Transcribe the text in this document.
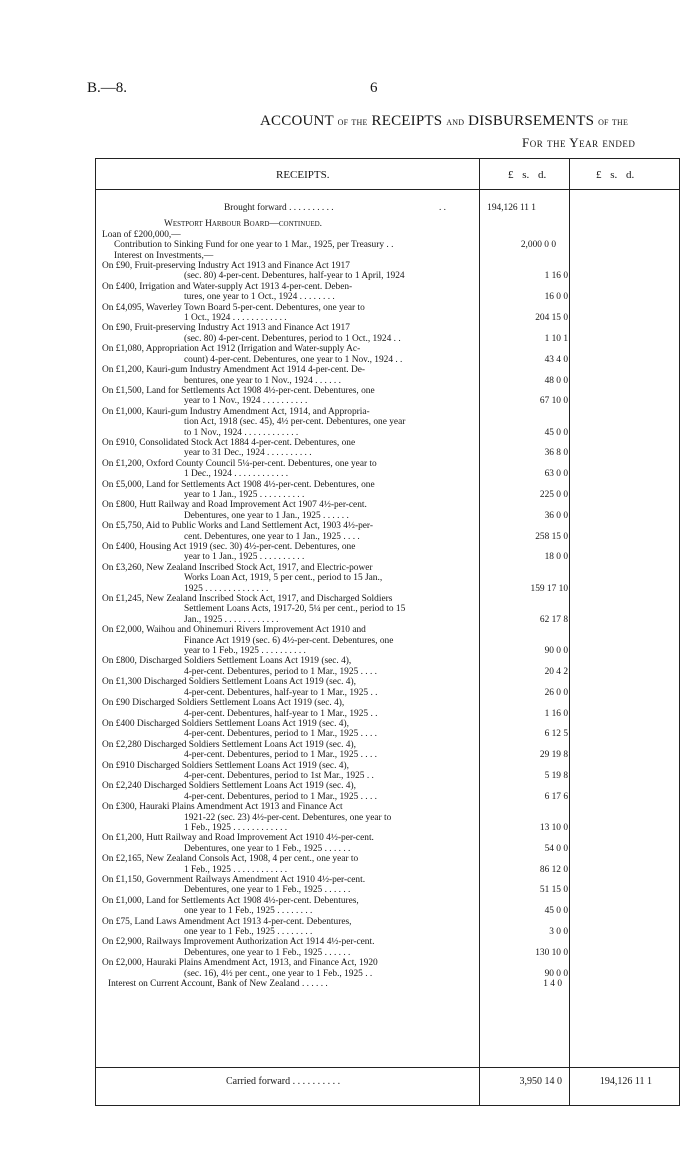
B.—8.	6
ACCOUNT of the RECEIPTS and DISBURSEMENTS of the
For the Year ended
RECEIPTS.	£ s. d.	£ s. d.
Brought forward . . . . . . . . . .	. .	194,126 11 1
Westport Harbour Board—continued.
Loan of £200,000,—
Contribution to Sinking Fund for one year to 1 Mar., 1925, per Treasury . .	2,000 0 0
Interest on Investments,—
On £90, Fruit-preserving Industry Act 1913 and Finance Act 1917
(sec. 80) 4-per-cent. Debentures, half-year to 1 April, 1924	1 16 0
On £400, Irrigation and Water-supply Act 1913 4-per-cent. Deben-
tures, one year to 1 Oct., 1924 . . . . . . . .	16 0 0
On £4,095, Waverley Town Board 5-per-cent. Debentures, one year to
1 Oct., 1924 . . . . . . . . . . . .	204 15 0
On £90, Fruit-preserving Industry Act 1913 and Finance Act 1917
(sec. 80) 4-per-cent. Debentures, period to 1 Oct., 1924 . .	1 10 1
On £1,080, Appropriation Act 1912 (Irrigation and Water-supply Ac-
count) 4-per-cent. Debentures, one year to 1 Nov., 1924 . .	43 4 0
On £1,200, Kauri-gum Industry Amendment Act 1914 4-per-cent. De-
bentures, one year to 1 Nov., 1924 . . . . . .	48 0 0
On £1,500, Land for Settlements Act 1908 4½-per-cent. Debentures, one
year to 1 Nov., 1924 . . . . . . . . . .	67 10 0
On £1,000, Kauri-gum Industry Amendment Act, 1914, and Appropria-
tion Act, 1918 (sec. 45), 4½ per-cent. Debentures, one year
to 1 Nov., 1924 . . . . . . . . . . . .	45 0 0
On £910, Consolidated Stock Act 1884 4-per-cent. Debentures, one
year to 31 Dec., 1924 . . . . . . . . . .	36 8 0
On £1,200, Oxford County Council 5¼-per-cent. Debentures, one year to
1 Dec., 1924 . . . . . . . . . . . .	63 0 0
On £5,000, Land for Settlements Act 1908 4½-per-cent. Debentures, one
year to 1 Jan., 1925 . . . . . . . . . .	225 0 0
On £800, Hutt Railway and Road Improvement Act 1907 4½-per-cent.
Debentures, one year to 1 Jan., 1925 . . . . . .	36 0 0
On £5,750, Aid to Public Works and Land Settlement Act, 1903 4½-per-
cent. Debentures, one year to 1 Jan., 1925 . . . .	258 15 0
On £400, Housing Act 1919 (sec. 30) 4½-per-cent. Debentures, one
year to 1 Jan., 1925 . . . . . . . . . .	18 0 0
On £3,260, New Zealand Inscribed Stock Act, 1917, and Electric-power
Works Loan Act, 1919, 5 per cent., period to 15 Jan.,
1925 . . . . . . . . . . . . . .	159 17 10
On £1,245, New Zealand Inscribed Stock Act, 1917, and Discharged Soldiers
Settlement Loans Acts, 1917-20, 5¼ per cent., period to 15
Jan., 1925 . . . . . . . . . . . .	62 17 8
On £2,000, Waihou and Ohinemuri Rivers Improvement Act 1910 and
Finance Act 1919 (sec. 6) 4½-per-cent. Debentures, one
year to 1 Feb., 1925 . . . . . . . . . .	90 0 0
On £800, Discharged Soldiers Settlement Loans Act 1919 (sec. 4),
4-per-cent. Debentures, period to 1 Mar., 1925 . . . .	20 4 2
On £1,300 Discharged Soldiers Settlement Loans Act 1919 (sec. 4),
4-per-cent. Debentures, half-year to 1 Mar., 1925 . .	26 0 0
On £90 Discharged Soldiers Settlement Loans Act 1919 (sec. 4),
4-per-cent. Debentures, half-year to 1 Mar., 1925 . .	1 16 0
On £400 Discharged Soldiers Settlement Loans Act 1919 (sec. 4),
4-per-cent. Debentures, period to 1 Mar., 1925 . . . .	6 12 5
On £2,280 Discharged Soldiers Settlement Loans Act 1919 (sec. 4),
4-per-cent. Debentures, period to 1 Mar., 1925 . . . .	29 19 8
On £910 Discharged Soldiers Settlement Loans Act 1919 (sec. 4),
4-per-cent. Debentures, period to 1st Mar., 1925 . .	5 19 8
On £2,240 Discharged Soldiers Settlement Loans Act 1919 (sec. 4),
4-per-cent. Debentures, period to 1 Mar., 1925 . . . .	6 17 6
On £300, Hauraki Plains Amendment Act 1913 and Finance Act
1921-22 (sec. 23) 4½-per-cent. Debentures, one year to
1 Feb., 1925 . . . . . . . . . . . .	13 10 0
On £1,200, Hutt Railway and Road Improvement Act 1910 4½-per-cent.
Debentures, one year to 1 Feb., 1925 . . . . . .	54 0 0
On £2,165, New Zealand Consols Act, 1908, 4 per cent., one year to
1 Feb., 1925 . . . . . . . . . . . .	86 12 0
On £1,150, Government Railways Amendment Act 1910 4½-per-cent.
Debentures, one year to 1 Feb., 1925 . . . . . .	51 15 0
On £1,000, Land for Settlements Act 1908 4½-per-cent. Debentures,
one year to 1 Feb., 1925 . . . . . . . .	45 0 0
On £75, Land Laws Amendment Act 1913 4-per-cent. Debentures,
one year to 1 Feb., 1925 . . . . . . . .	3 0 0
On £2,900, Railways Improvement Authorization Act 1914 4½-per-cent.
Debentures, one year to 1 Feb., 1925 . . . . . .	130 10 0
On £2,000, Hauraki Plains Amendment Act, 1913, and Finance Act, 1920
(sec. 16), 4½ per cent., one year to 1 Feb., 1925 . .	90 0 0
Interest on Current Account, Bank of New Zealand . . . . . .	1 4 0
Carried forward . . . . . . . . . .	3,950 14 0	194,126 11 1
